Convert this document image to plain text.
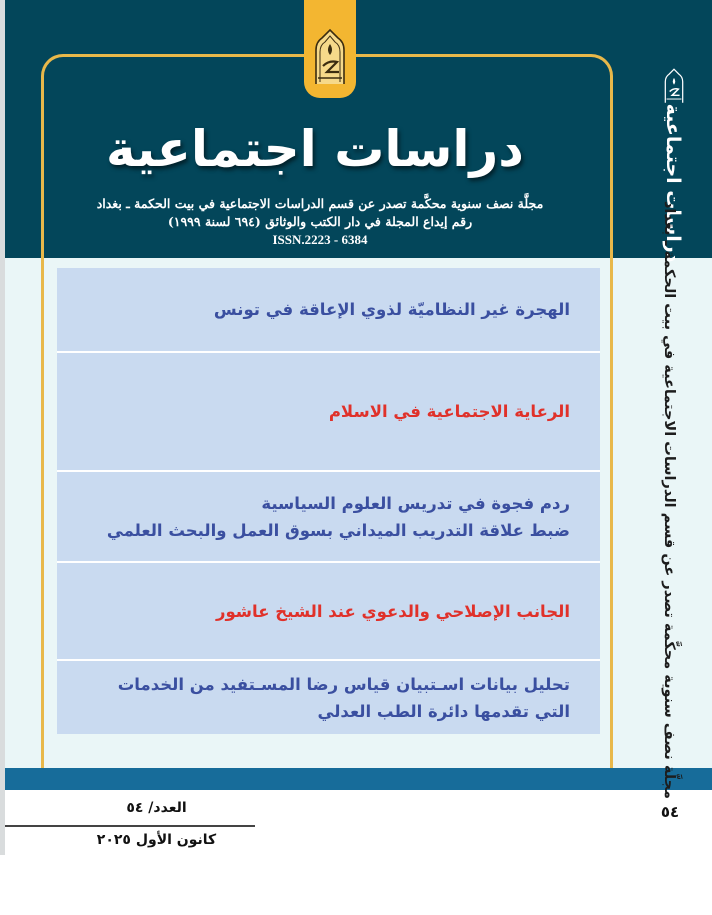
دراسات اجتماعية
مجلَّة نصف سنوية محكَّمة تصدر عن قسم الدراسات الاجتماعية في بيت الحكمة ـ بغداد
رقم إيداع المجلة في دار الكتب والوثائق (٦٩٤ لسنة ١٩٩٩)
ISSN.2223 - 6384	دراسات اجتماعية
مجلَّة نصف سنوية محكَّمة تصدر عن قسم الدراسات الاجتماعية في بيت الحكمة ـ بغداد
الهجرة غير النظاميّة لذوي الإعاقة في تونس
الرعاية الاجتماعية في الاسلام
ردم فجوة في تدريس العلوم السياسية
ضبط علاقة التدريب الميداني بسوق العمل والبحث العلمي
الجانب الإصلاحي والدعوي عند الشيخ عاشور
تحليل بيانات اسـتبيان قياس رضا المسـتفيد من الخدمات
التي تقدمها دائرة الطب العدلي
العدد/ ٥٤
كانون الأول ٢٠٢٥
٥٤
